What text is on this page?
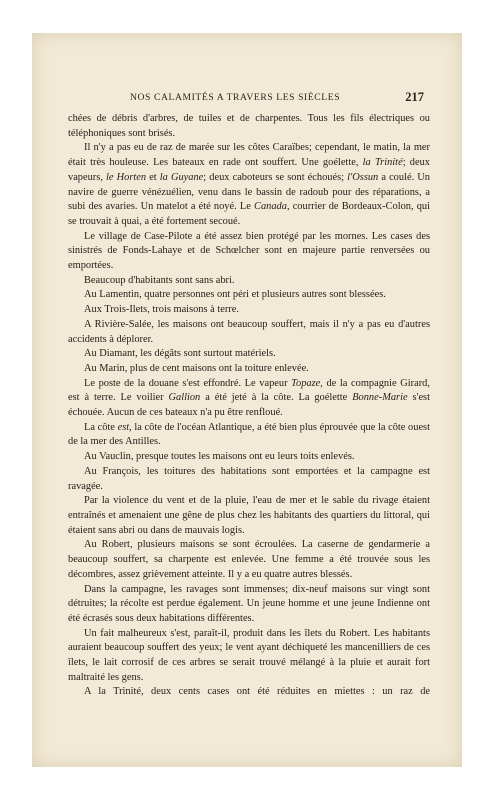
NOS CALAMITÉS A TRAVERS LES SIÈCLES	217

chées de débris d'arbres, de tuiles et de charpentes. Tous les fils électriques ou téléphoniques sont brisés.

Il n'y a pas eu de raz de marée sur les côtes Caraïbes; cependant, le matin, la mer était très houleuse. Les bateaux en rade ont souffert. Une goélette, la Trinité; deux vapeurs, le Horten et la Guyane; deux caboteurs se sont échoués; l'Ossun a coulé. Un navire de guerre vénézuélien, venu dans le bassin de radoub pour des réparations, a subi des avaries. Un matelot a été noyé. Le Canada, courrier de Bordeaux-Colon, qui se trouvait à quai, a été fortement secoué.

Le village de Case-Pilote a été assez bien protégé par les mornes. Les cases des sinistrés de Fonds-Lahaye et de Schœlcher sont en majeure partie renversées ou emportées.

Beaucoup d'habitants sont sans abri.

Au Lamentin, quatre personnes ont péri et plusieurs autres sont blessées.

Aux Trois-Ilets, trois maisons à terre.

A Rivière-Salée, les maisons ont beaucoup souffert, mais il n'y a pas eu d'autres accidents à déplorer.

Au Diamant, les dégâts sont surtout matériels.

Au Marin, plus de cent maisons ont la toiture enlevée.

Le poste de la douane s'est effondré. Le vapeur Topaze, de la compagnie Girard, est à terre. Le voilier Gallion a été jeté à la côte. La goélette Bonne-Marie s'est échouée. Aucun de ces bateaux n'a pu être renfloué.

La côte est, la côte de l'océan Atlantique, a été bien plus éprouvée que la côte ouest de la mer des Antilles.

Au Vauclin, presque toutes les maisons ont eu leurs toits enlevés.

Au François, les toitures des habitations sont emportées et la campagne est ravagée.

Par la violence du vent et de la pluie, l'eau de mer et le sable du rivage étaient entraînés et amenaient une gêne de plus chez les habitants des quartiers du littoral, qui étaient sans abri ou dans de mauvais logis.

Au Robert, plusieurs maisons se sont écroulées. La caserne de gendarmerie a beaucoup souffert, sa charpente est enlevée. Une femme a été trouvée sous les décombres, assez grièvement atteinte. Il y a eu quatre autres blessés.

Dans la campagne, les ravages sont immenses; dix-neuf maisons sur vingt sont détruites; la récolte est perdue également. Un jeune homme et une jeune Indienne ont été écrasés sous deux habitations différentes.

Un fait malheureux s'est, paraît-il, produit dans les îlets du Robert. Les habitants auraient beaucoup souffert des yeux; le vent ayant déchiqueté les mancenilliers de ces îlets, le lait corrosif de ces arbres se serait trouvé mélangé à la pluie et aurait fort maltraité les gens.

A la Trinité, deux cents cases ont été réduites en miettes : un raz de
